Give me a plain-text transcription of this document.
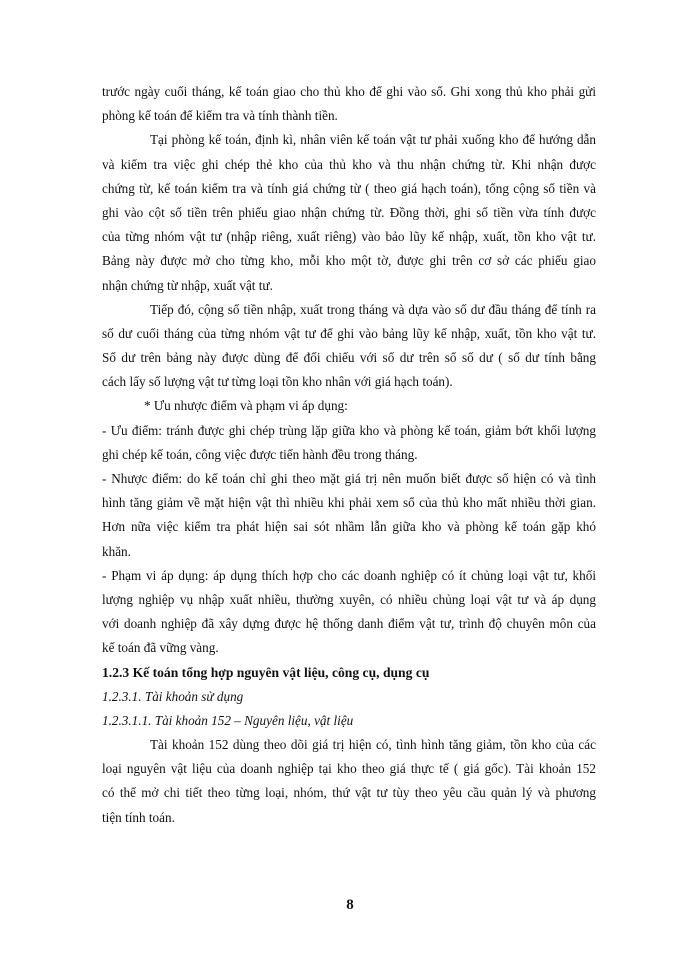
trước ngày cuối tháng, kế toán giao cho thủ kho để ghi vào sổ. Ghi xong thủ kho phải gửi
phòng kế toán để kiểm tra và tính thành tiền.
Tại phòng kế toán, định kì, nhân viên kế toán vật tư phải xuống kho để hướng dẫn
và kiểm tra việc ghi chép thẻ kho của thủ kho và thu nhận chứng từ. Khi nhận được
chứng từ, kế toán kiểm tra và tính giá chứng từ ( theo giá hạch toán), tổng cộng số tiền và
ghi vào cột số tiền trên phiếu giao nhận chứng từ. Đồng thời, ghi số tiền vừa tính được
của từng nhóm vật tư (nhập riêng, xuất riêng) vào bảo lũy kế nhập, xuất, tồn kho vật tư.
Bảng này được mở cho từng kho, mỗi kho một tờ, được ghi trên cơ sở các phiếu giao
nhận chứng từ nhập, xuất vật tư.
Tiếp đó, cộng số tiền nhập, xuất trong tháng và dựa vào số dư đầu tháng để tính ra
số dư cuối tháng của từng nhóm vật tư để ghi vào bảng lũy kế nhập, xuất, tồn kho vật tư.
Số dư trên bảng này được dùng để đối chiếu với số dư trên sổ số dư ( số dư tính bằng
cách lấy số lượng vật tư từng loại tồn kho nhân với giá hạch toán).
* Ưu nhược điểm và phạm vi áp dụng:
- Ưu điểm: tránh được ghi chép trùng lặp giữa kho và phòng kế toán, giảm bớt khối lượng
ghi chép kế toán, công việc được tiến hành đều trong tháng.
- Nhược điểm: do kế toán chỉ ghi theo mặt giá trị nên muốn biết được số hiện có và tình
hình tăng giảm về mặt hiện vật thì nhiều khi phải xem sổ của thủ kho mất nhiều thời gian.
Hơn nữa việc kiểm tra phát hiện sai sót nhầm lẫn giữa kho và phòng kế toán gặp khó
khăn.
- Phạm vi áp dụng: áp dụng thích hợp cho các doanh nghiệp có ít chủng loại vật tư, khối
lượng nghiệp vụ nhập xuất nhiều, thường xuyên, có nhiều chủng loại vật tư và áp dụng
với doanh nghiệp đã xây dựng được hệ thống danh điểm vật tư, trình độ chuyên môn của
kế toán đã vững vàng.
1.2.3 Kế toán tổng hợp nguyên vật liệu, công cụ, dụng cụ
1.2.3.1. Tài khoản sử dụng
1.2.3.1.1. Tài khoản 152 – Nguyên liệu, vật liệu
Tài khoản 152 dùng theo dõi giá trị hiện có, tình hình tăng giảm, tồn kho của các
loại nguyên vật liệu của doanh nghiệp tại kho theo giá thực tế ( giá gốc). Tài khoản 152
có thể mở chi tiết theo từng loại, nhóm, thứ vật tư tùy theo yêu cầu quản lý và phương
tiện tính toán.
8
